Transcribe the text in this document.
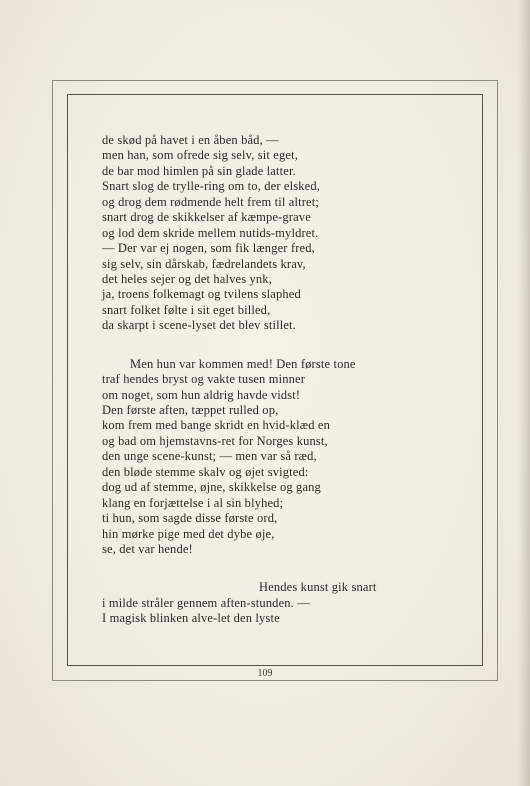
de skød på havet i en åben båd, —
men han, som ofrede sig selv, sit eget,
de bar mod himlen på sin glade latter.
Snart slog de trylle-ring om to, der elsked,
og drog dem rødmende helt frem til altret;
snart drog de skikkelser af kæmpe-grave
og lod dem skride mellem nutids-myldret.
— Der var ej nogen, som fik længer fred,
sig selv, sin dårskab, fædrelandets krav,
det heles sejer og det halves ynk,
ja, troens folkemagt og tvilens slaphed
snart folket følte i sit eget billed,
da skarpt i scene-lyset det blev stillet.
Men hun var kommen med! Den første tone
traf hendes bryst og vakte tusen minner
om noget, som hun aldrig havde vidst!
Den første aften, tæppet rulled op,
kom frem med bange skridt en hvid-klæd en
og bad om hjemstavns-ret for Norges kunst,
den unge scene-kunst; — men var så ræd,
den bløde stemme skalv og øjet svigted:
dog ud af stemme, øjne, skikkelse og gang
klang en forjættelse i al sin blyhed;
ti hun, som sagde disse første ord,
hin mørke pige med det dybe øje,
se, det var hende!
Hendes kunst gik snart
i milde stråler gennem aften-stunden. —
I magisk blinken alve-let den lyste
109
